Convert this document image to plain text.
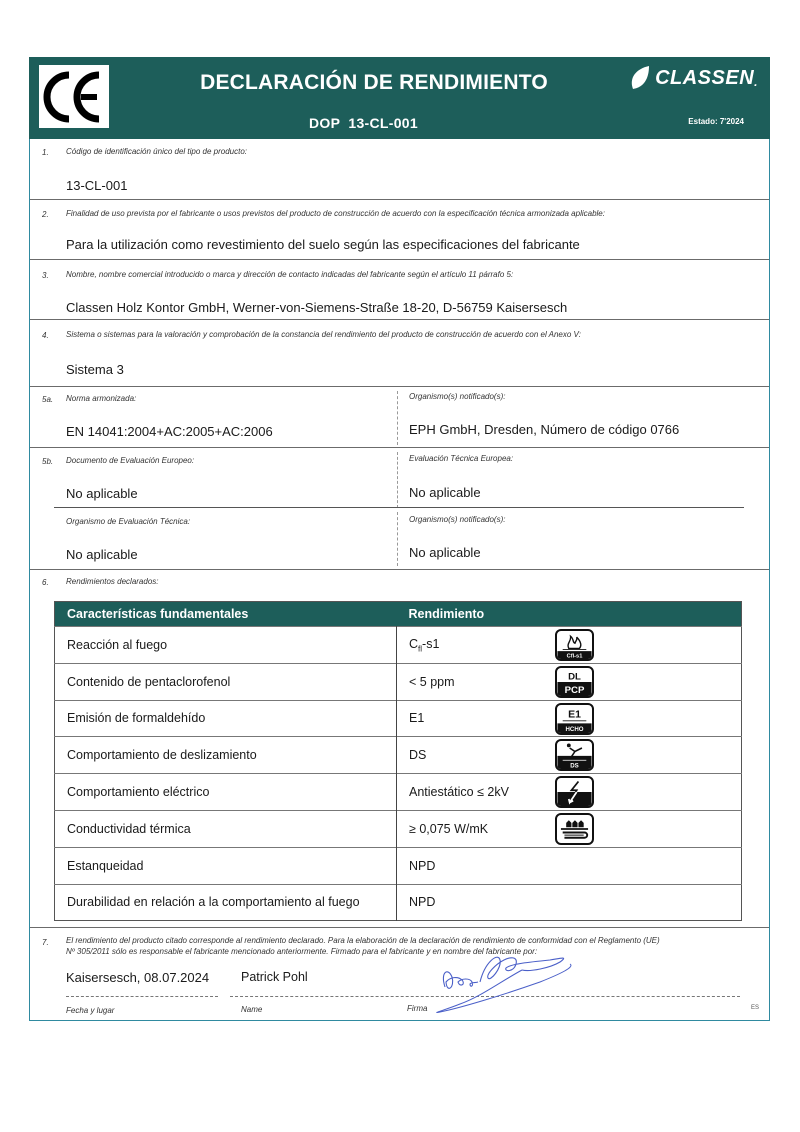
DECLARACIÓN DE RENDIMIENTO
DOP  13-CL-001
CLASSEN .
Estado: 7'2024
1. Código de identificación único del tipo de producto:
13-CL-001
2. Finalidad de uso prevista por el fabricante o usos previstos del producto de construcción de acuerdo con la especificación técnica armonizada aplicable:
Para la utilización como revestimiento del suelo según las especificaciones del fabricante
3. Nombre, nombre comercial introducido o marca y dirección de contacto indicadas del fabricante según el artículo 11 párrafo 5:
Classen Holz Kontor GmbH, Werner-von-Siemens-Straße 18-20, D-56759 Kaisersesch
4. Sistema o sistemas para la valoración y comprobación de la constancia del rendimiento del producto de construcción de acuerdo con el Anexo V:
Sistema 3
5a. Norma armonizada:
EN 14041:2004+AC:2005+AC:2006
Organismo(s) notificado(s):
EPH GmbH, Dresden, Número de código 0766
5b. Documento de Evaluación Europeo:
No aplicable
Evaluación Técnica Europea:
No aplicable
Organismo de Evaluación Técnica:
No aplicable
Organismo(s) notificado(s):
No aplicable
6. Rendimientos declarados:
Características fundamentales	Rendimiento
Reacción al fuego	$C_{fl}-s1$
Cfl-s1

Contenido de pentaclorofenol	< 5 ppm DL
PCP

Emisión de formaldehído	E1 E1
HCHO

Comportamiento de deslizamiento	DS
DS

Comportamiento eléctrico	Antiestático ≤ 2kV

Conductividad térmica	≥ 0,075 W/mK

Estanqueidad	NPD
Durabilidad en relación a la comportamiento al fuego	NPD
7. El rendimiento del producto citado corresponde al rendimiento declarado. Para la elaboración de la declaración de rendimiento de conformidad con el Reglamento (UE)
Nº 305/2011 sólo es responsable el fabricante mencionado anteriormente. Firmado para el fabricante y en nombre del fabricante por:
Kaisersesch, 08.07.2024	Patrick Pohl
Fecha y lugar	Name	Firma	ES
